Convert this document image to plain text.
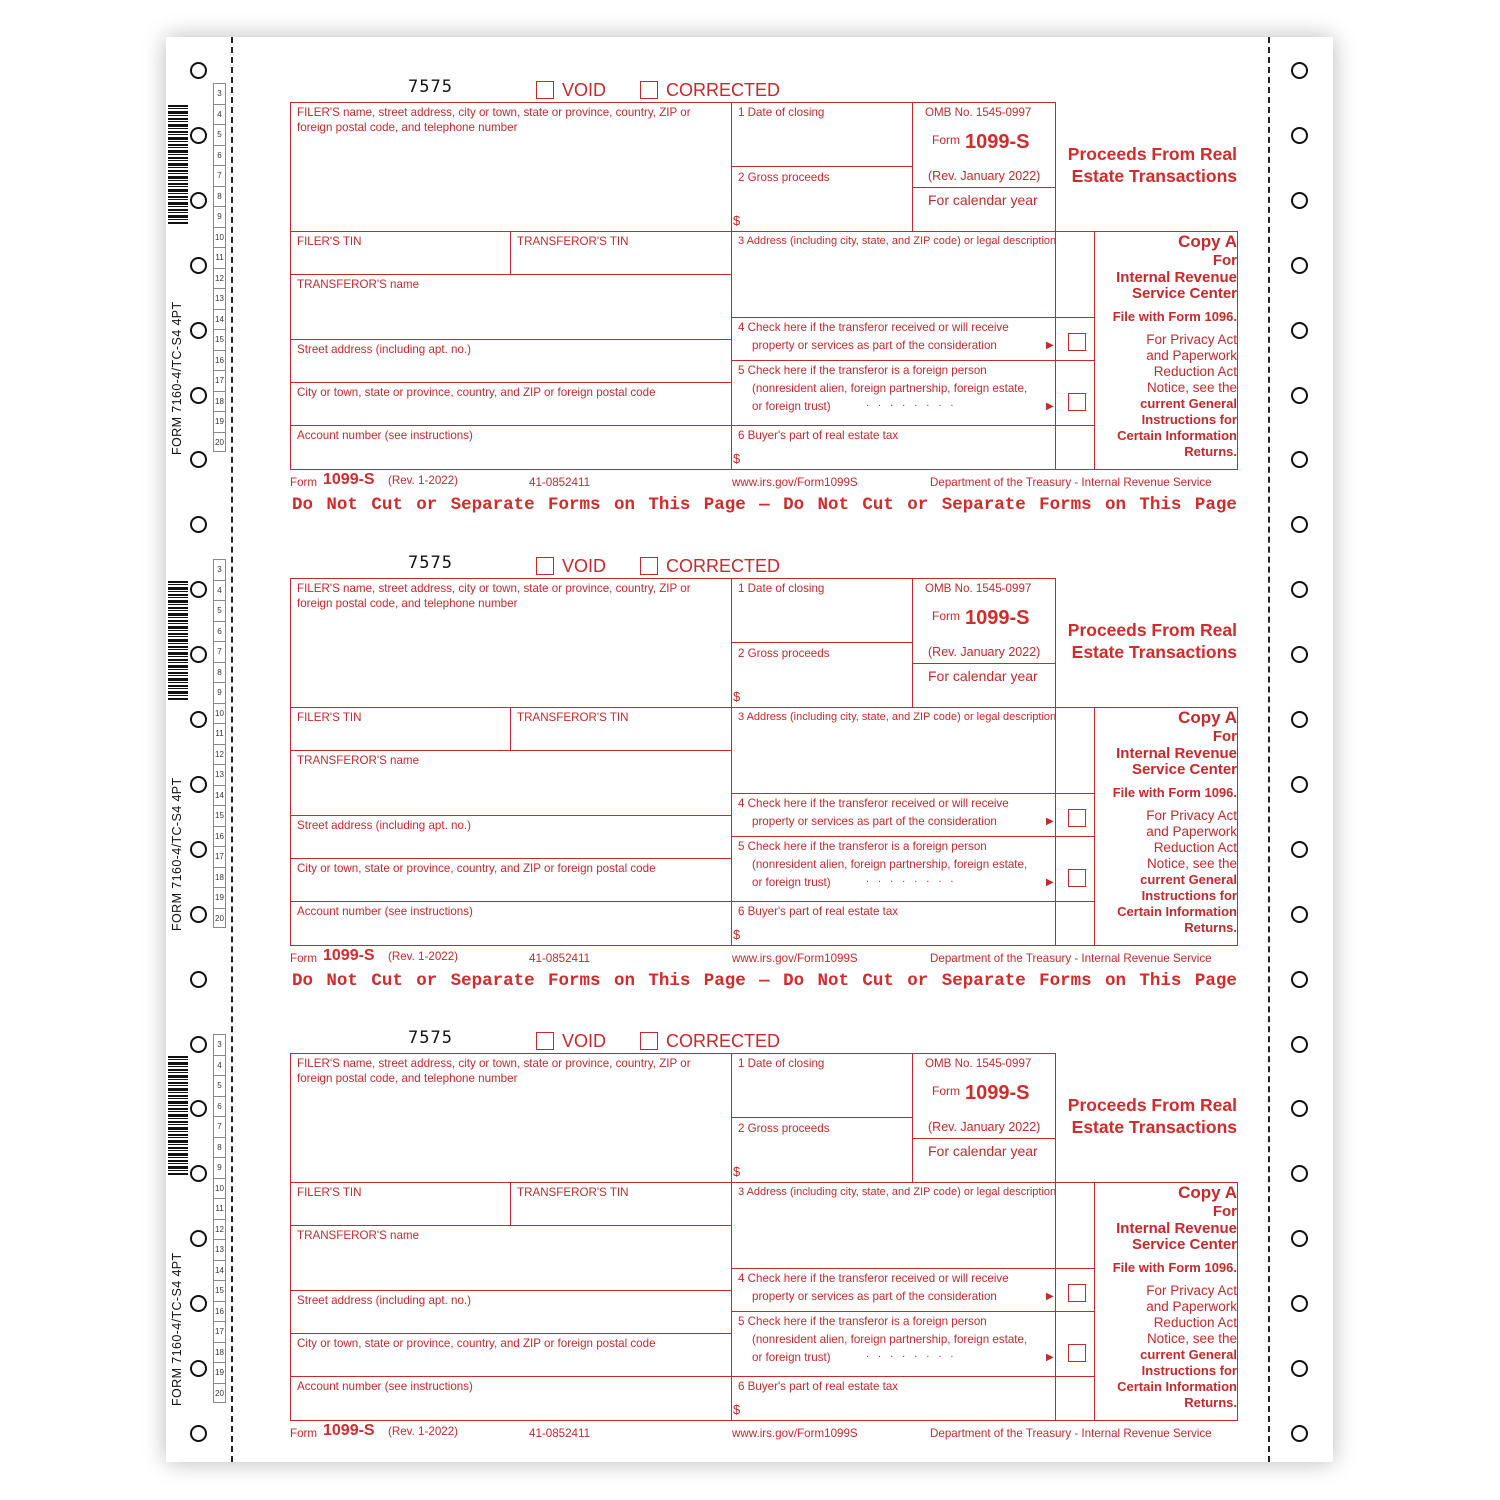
FORM 7160-4/TC-S4 4PT
3
4
5
6
7
8
9
10
11
12
13
14
15
16
17
18
19
20
7575	VOID	CORRECTED
FILER'S name, street address, city or town, state or province, country, ZIP or foreign postal code, and telephone number
1 Date of closing
2 Gross proceeds
$
OMB No. 1545-0997
Form 1099-S
(Rev. January 2022)
For calendar year
Proceeds From Real
Estate Transactions
FILER'S TIN	TRANSFEROR'S TIN	3 Address (including city, state, and ZIP code) or legal description
TRANSFEROR'S name
4 Check here if the transferor received or will receive
property or services as part of the consideration	▶
Street address (including apt. no.)
5 Check here if the transferor is a foreign person
(nonresident alien, foreign partnership, foreign estate,
or foreign trust)	........	▶
City or town, state or province, country, and ZIP or foreign postal code
Account number (see instructions)	6 Buyer's part of real estate tax
$
Copy A
For
Internal Revenue
Service Center
File with Form 1096.
For Privacy Act
and Paperwork
Reduction Act
Notice, see the
current General
Instructions for
Certain Information
Returns.
Form 1099-S (Rev. 1-2022)	41-0852411	www.irs.gov/Form1099S	Department of the Treasury - Internal Revenue Service
Do Not Cut or Separate Forms on This Page — Do Not Cut or Separate Forms on This Page
FORM 7160-4/TC-S4 4PT
3
4
5
6
7
8
9
10
11
12
13
14
15
16
17
18
19
20
7575	VOID	CORRECTED
FILER'S name, street address, city or town, state or province, country, ZIP or foreign postal code, and telephone number
1 Date of closing
2 Gross proceeds
$
OMB No. 1545-0997
Form 1099-S
(Rev. January 2022)
For calendar year
Proceeds From Real
Estate Transactions
FILER'S TIN	TRANSFEROR'S TIN	3 Address (including city, state, and ZIP code) or legal description
TRANSFEROR'S name
4 Check here if the transferor received or will receive
property or services as part of the consideration	▶
Street address (including apt. no.)
5 Check here if the transferor is a foreign person
(nonresident alien, foreign partnership, foreign estate,
or foreign trust)	........	▶
City or town, state or province, country, and ZIP or foreign postal code
Account number (see instructions)	6 Buyer's part of real estate tax
$
Copy A
For
Internal Revenue
Service Center
File with Form 1096.
For Privacy Act
and Paperwork
Reduction Act
Notice, see the
current General
Instructions for
Certain Information
Returns.
Form 1099-S (Rev. 1-2022)	41-0852411	www.irs.gov/Form1099S	Department of the Treasury - Internal Revenue Service
Do Not Cut or Separate Forms on This Page — Do Not Cut or Separate Forms on This Page
FORM 7160-4/TC-S4 4PT
3
4
5
6
7
8
9
10
11
12
13
14
15
16
17
18
19
20
7575	VOID	CORRECTED
FILER'S name, street address, city or town, state or province, country, ZIP or foreign postal code, and telephone number
1 Date of closing
2 Gross proceeds
$
OMB No. 1545-0997
Form 1099-S
(Rev. January 2022)
For calendar year
Proceeds From Real
Estate Transactions
FILER'S TIN	TRANSFEROR'S TIN	3 Address (including city, state, and ZIP code) or legal description
TRANSFEROR'S name
4 Check here if the transferor received or will receive
property or services as part of the consideration	▶
Street address (including apt. no.)
5 Check here if the transferor is a foreign person
(nonresident alien, foreign partnership, foreign estate,
or foreign trust)	........	▶
City or town, state or province, country, and ZIP or foreign postal code
Account number (see instructions)	6 Buyer's part of real estate tax
$
Copy A
For
Internal Revenue
Service Center
File with Form 1096.
For Privacy Act
and Paperwork
Reduction Act
Notice, see the
current General
Instructions for
Certain Information
Returns.
Form 1099-S (Rev. 1-2022)	41-0852411	www.irs.gov/Form1099S	Department of the Treasury - Internal Revenue Service
